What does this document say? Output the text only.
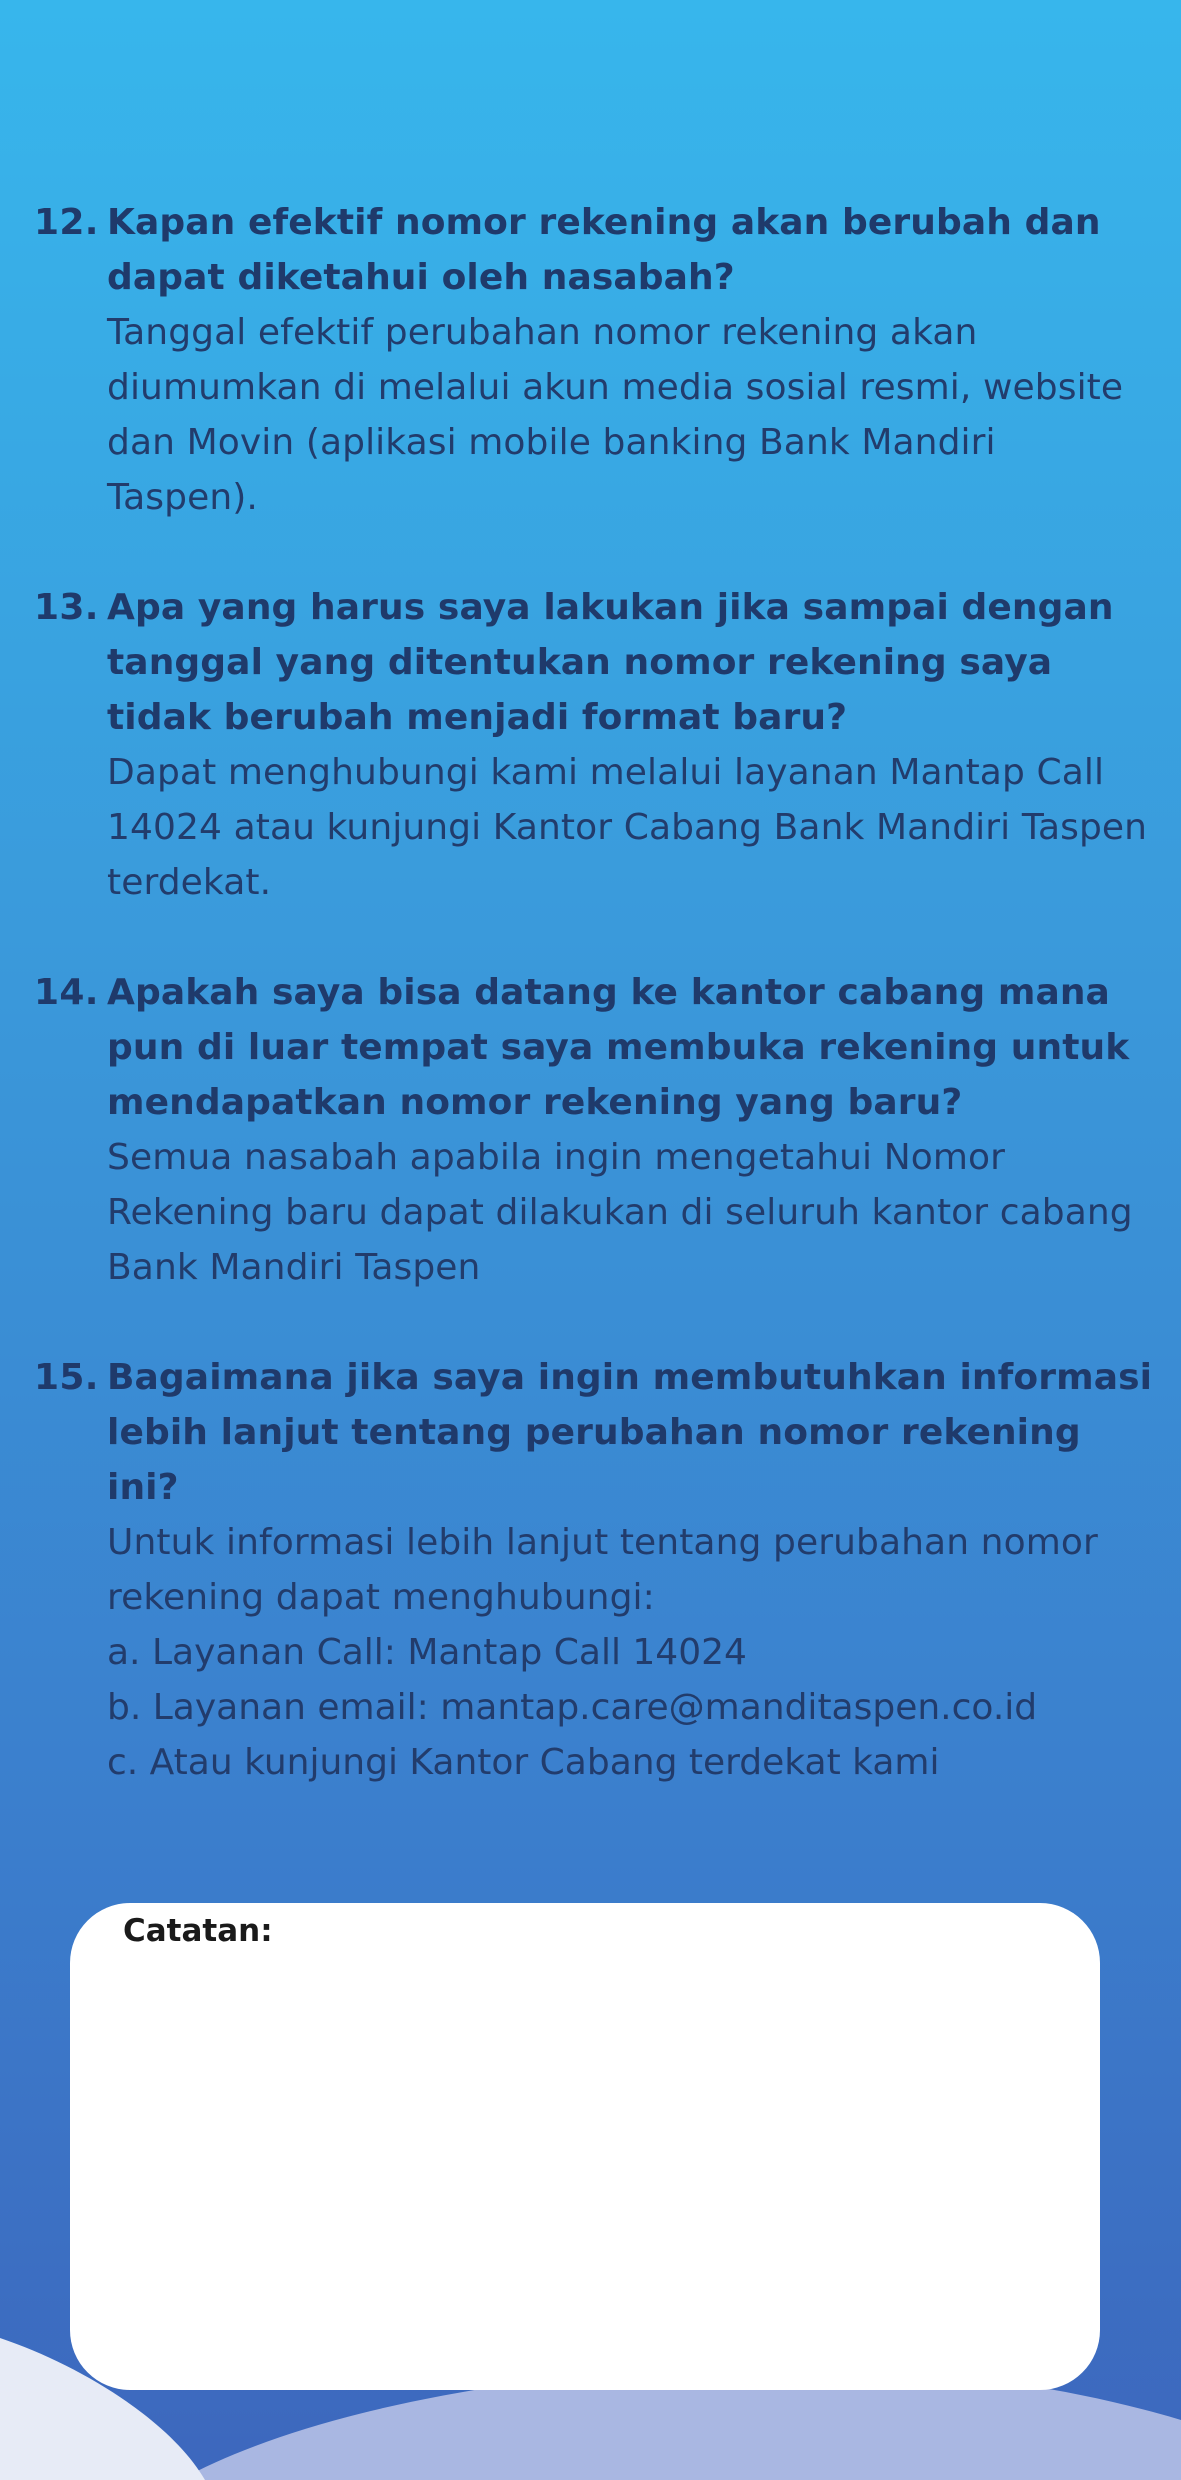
12. Kapan efektif nomor rekening akan berubah dan dapat diketahui oleh nasabah?

Tanggal efektif perubahan nomor rekening akan diumumkan di melalui akun media sosial resmi, website dan Movin (aplikasi mobile banking Bank Mandiri Taspen).

13. Apa yang harus saya lakukan jika sampai dengan tanggal yang ditentukan nomor rekening saya tidak berubah menjadi format baru?

Dapat menghubungi kami melalui layanan Mantap Call 14024 atau kunjungi Kantor Cabang Bank Mandiri Taspen terdekat.

14. Apakah saya bisa datang ke kantor cabang mana pun di luar tempat saya membuka rekening untuk mendapatkan nomor rekening yang baru?

Semua nasabah apabila ingin mengetahui Nomor Rekening baru dapat dilakukan di seluruh kantor cabang Bank Mandiri Taspen

15. Bagaimana jika saya ingin membutuhkan informasi lebih lanjut tentang perubahan nomor rekening ini?

Untuk informasi lebih lanjut tentang perubahan nomor rekening dapat menghubungi:

a. Layanan Call: Mantap Call 14024

b. Layanan email: mantap.care@manditaspen.co.id

c. Atau kunjungi Kantor Cabang terdekat kami

Catatan:
